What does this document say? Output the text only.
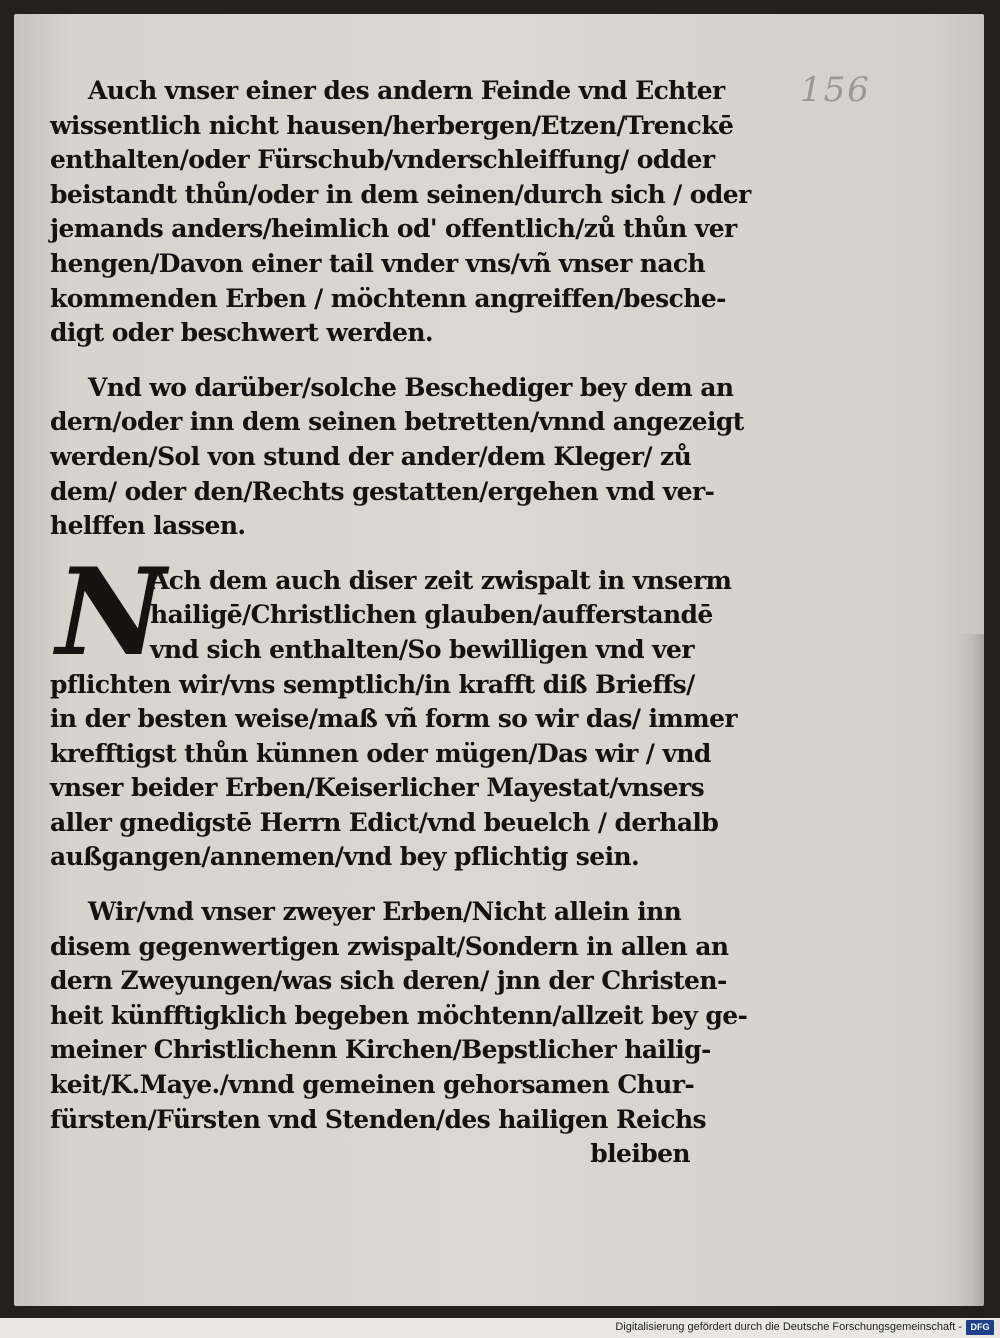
156
Auch vnser einer des andern Feinde vnd Echter
wissentlich nicht hausen/herbergen/Etzen/Trenckē
enthalten/oder Fürschub/vnderschleiffung/ odder
beistandt thůn/oder in dem seinen/durch sich / oder
jemands anders/heimlich od' offentlich/zů thůn ver
hengen/Davon einer tail vnder vns/vñ vnser nach
kommenden Erben / möchtenn angreiffen/besche-
digt oder beschwert werden.
Vnd wo darüber/solche Beschediger bey dem an
dern/oder inn dem seinen betretten/vnnd angezeigt
werden/Sol von stund der ander/dem Kleger/ zů
dem/ oder den/Rechts gestatten/ergehen vnd ver-
helffen lassen.
N
Ach dem auch diser zeit zwispalt in vnserm
hailigē/Christlichen glauben/aufferstandē
vnd sich enthalten/So bewilligen vnd ver
pflichten wir/vns semptlich/in krafft diß Brieffs/
in der besten weise/maß vñ form so wir das/ immer
krefftigst thůn künnen oder mügen/Das wir / vnd
vnser beider Erben/Keiserlicher Mayestat/vnsers
aller gnedigstē Herrn Edict/vnd beuelch / derhalb
außgangen/annemen/vnd bey pflichtig sein.
Wir/vnd vnser zweyer Erben/Nicht allein inn
disem gegenwertigen zwispalt/Sondern in allen an
dern Zweyungen/was sich deren/ jnn der Christen-
heit künfftigklich begeben möchtenn/allzeit bey ge-
meiner Christlichenn Kirchen/Bepstlicher hailig-
keit/K.Maye./vnnd gemeinen gehorsamen Chur-
fürsten/Fürsten vnd Stenden/des hailigen Reichs
bleiben
Digitalisierung gefördert durch die Deutsche Forschungsgemeinschaft - DFG
